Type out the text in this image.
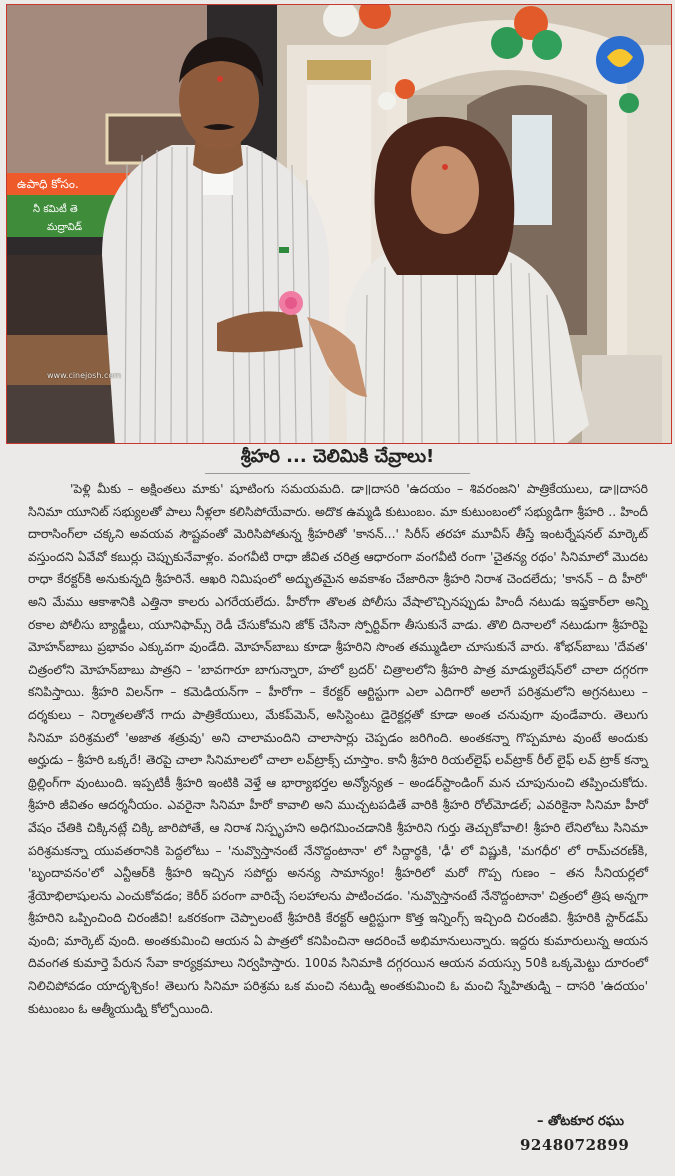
ఉపాధి కోసం.
నీ కమిటీ తె
మద్రావిడ్
www.cinejosh.com
శ్రీహరి ... చెలిమికి చేవ్రాలు!
'పెళ్లి మీకు – అక్షింతలు మాకు' షూటింగు సమయమది. డా॥దాసరి 'ఉదయం – శివరంజని' పాత్రికేయులు, డా॥దాసరి సినిమా యూనిట్ సభ్యులతో పాలు నీళ్లలా కలిసిపోయేవారు. అదొక ఉమ్మడి కుటుంబం. మా కుటుంబంలో సభ్యుడిగా శ్రీహరి .. హిందీ దారాసింగ్‌లా చక్కని అవయవ సౌష్టవంతో మెరిసిపోతున్న శ్రీహరితో 'కానన్...' సిరీస్ తరహా మూవీస్ తీస్తే ఇంటర్నేషనల్ మార్కెట్ వస్తుందని ఏవేవో కబుర్లు చెప్పుకునేవాళ్లం. వంగవీటి రాధా జీవిత చరిత్ర ఆధారంగా వంగవీటి రంగా 'చైతన్య రథం' సినిమాలో మొదట రాధా కేరక్టర్‌కి అనుకున్నది శ్రీహరినే. ఆఖరి నిమిషంలో అద్భుతమైన అవకాశం చేజారినా శ్రీహరి నిరాశ చెందలేదు; 'కానన్ – ది హీరో' అని మేము ఆకాశానికి ఎత్తినా కాలరు ఎగరేయలేదు. హీరోగా తొలత పోలీసు వేషాలొచ్చినప్పుడు హిందీ నటుడు ఇఫ్తకార్‌లా అన్ని రకాల పోలీసు బ్యాడ్జీలు, యూనిఫామ్స్ రెడీ చేసుకోమని జోక్ చేసినా స్పోర్టివ్‌గా తీసుకునే వాడు. తొలి దినాలలో నటుడుగా శ్రీహరిపై మోహన్‌బాబు ప్రభావం ఎక్కువగా వుండేది. మోహన్‌బాబు కూడా శ్రీహరిని సొంత తమ్ముడిలా చూసుకునే వారు. శోభన్‌బాబు 'దేవత' చిత్రంలోని మోహన్‌బాబు పాత్రని – 'బావగారూ బాగున్నారా, హలో బ్రదర్' చిత్రాలలోని శ్రీహరి పాత్ర మాడ్యులేషన్‌లో చాలా దగ్గరగా కనిపిస్తాయి. శ్రీహరి విలన్‌గా – కమెడియన్‌గా – హీరోగా – కేరక్టర్ ఆర్టిస్టుగా ఎలా ఎదిగారో అలాగే పరిశ్రమలోని అగ్రనటులు – దర్శకులు – నిర్మాతలతోనే గాదు పాత్రికేయులు, మేకప్‌మెన్, అసిస్టెంటు డైరెక్టర్లతో కూడా అంత చనువుగా వుండేవారు. తెలుగు సినిమా పరిశ్రమలో 'అజాత శత్రువు' అని చాలామందిని చాలాసార్లు చెప్పడం జరిగింది. అంతకన్నా గొప్పమాట వుంటే అందుకు అర్హుడు – శ్రీహరి ఒక్కరే! తెరపై చాలా సినిమాలలో చాలా లవ్‌ట్రాక్స్ చూస్తాం. కానీ శ్రీహరి రియల్‌లైఫ్ లవ్‌ట్రాక్ రీల్ లైఫ్ లవ్ ట్రాక్ కన్నా థ్రిల్లింగ్‌గా వుంటుంది. ఇప్పటికీ శ్రీహరి ఇంటికి వెళ్తే ఆ భార్యాభర్తల అన్యోన్యత – అండర్‌స్టాండింగ్ మన చూపునుంచి తప్పించుకోదు. శ్రీహరి జీవితం ఆదర్శనీయం. ఎవరైనా సినిమా హీరో కావాలి అని ముచ్చటపడితే వారికి శ్రీహరి రోల్‌మోడల్; ఎవరికైనా సినిమా హీరో వేషం చేతికి చిక్కినట్లే చిక్కి జారిపోతే, ఆ నిరాశ నిస్పృహని అధిగమించడానికి శ్రీహరిని గుర్తు తెచ్చుకోవాలి! శ్రీహరి లేనిలోటు సినిమా పరిశ్రమకన్నా యువతరానికి పెద్దలోటు – 'నువ్వొస్తానంటే నేనొద్దంటానా' లో సిద్దార్థకి, 'ఢీ' లో విష్ణుకి, 'మగధీర' లో రామ్‌చరణ్‌కి, 'బృందావనం'లో ఎన్టీఆర్‌కి శ్రీహరి ఇచ్చిన సపోర్టు అనన్య సామాన్యం! శ్రీహరిలో మరో గొప్ప గుణం – తన సీనియర్లలో శ్రేయోభిలాషులను ఎంచుకోవడం; కెరీర్ పరంగా వారిచ్చే సలహాలను పాటించడం. 'నువ్వొస్తానంటే నేనొద్దంటానా' చిత్రంలో త్రిష అన్నగా శ్రీహరిని ఒప్పించింది చిరంజీవి! ఒకరకంగా చెప్పాలంటే శ్రీహరికి కేరక్టర్ ఆర్టిస్టుగా కొత్త ఇన్నింగ్స్ ఇచ్చింది చిరంజీవి. శ్రీహరికి స్టార్‌డమ్ వుంది; మార్కెట్ వుంది. అంతకుమించి ఆయన ఏ పాత్రలో కనిపించినా ఆదరించే అభిమానులున్నారు. ఇద్దరు కుమారులున్న ఆయన దివంగత కుమార్తె పేరున సేవా కార్యక్రమాలు నిర్వహిస్తారు. 100వ సినిమాకి దగ్గరయిన ఆయన వయస్సు 50కి ఒక్కమెట్టు దూరంలో నిలిచిపోవడం యాదృశ్చికం! తెలుగు సినిమా పరిశ్రమ ఒక మంచి నటుడ్ని అంతకుమించి ఓ మంచి స్నేహితుడ్ని – దాసరి 'ఉదయం' కుటుంబం ఓ ఆత్మీయుడ్ని కోల్పోయింది.
– తోటకూర రఘు
9248072899
